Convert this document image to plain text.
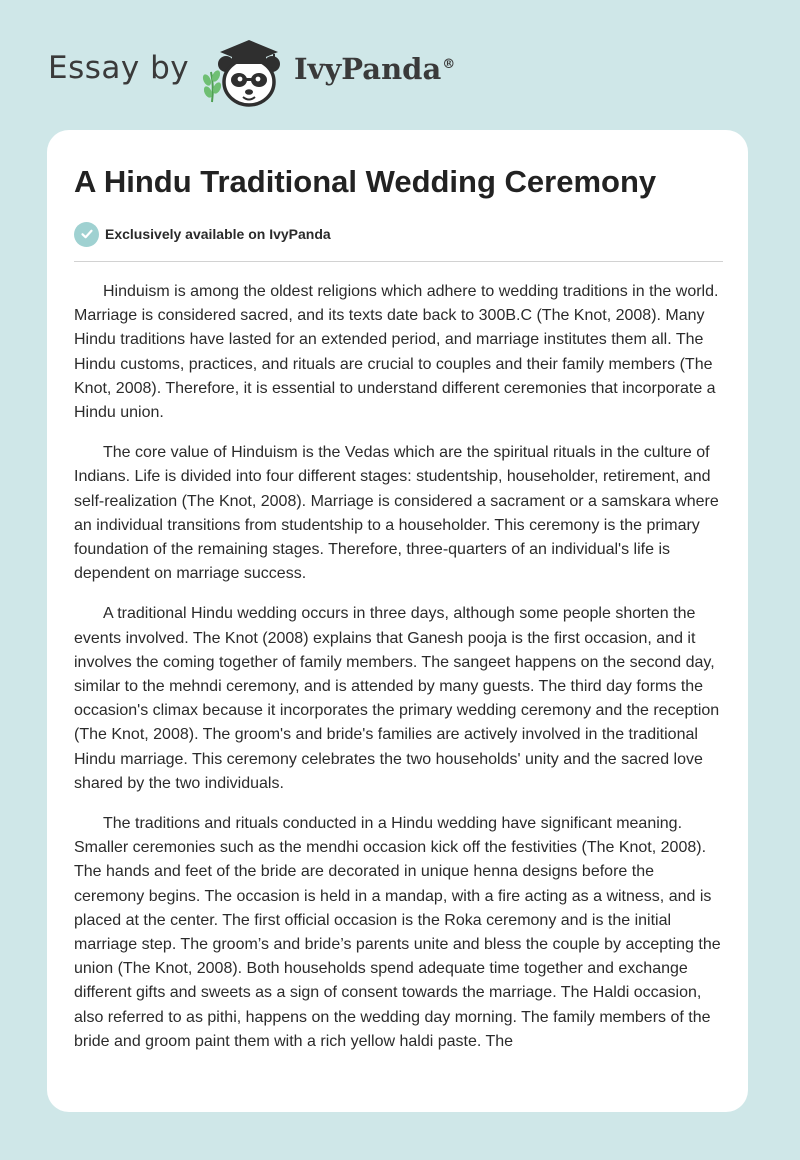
Essay by	IvyPanda®
A Hindu Traditional Wedding Ceremony
Exclusively available on IvyPanda

Hinduism is among the oldest religions which adhere to wedding traditions in the world. Marriage is considered sacred, and its texts date back to 300B.C (The Knot, 2008). Many Hindu traditions have lasted for an extended period, and marriage institutes them all. The Hindu customs, practices, and rituals are crucial to couples and their family members (The Knot, 2008). Therefore, it is essential to understand different ceremonies that incorporate a Hindu union.

The core value of Hinduism is the Vedas which are the spiritual rituals in the culture of Indians. Life is divided into four different stages: studentship, householder, retirement, and self-realization (The Knot, 2008). Marriage is considered a sacrament or a samskara where an individual transitions from studentship to a householder. This ceremony is the primary foundation of the remaining stages. Therefore, three-quarters of an individual's life is dependent on marriage success.

A traditional Hindu wedding occurs in three days, although some people shorten the events involved. The Knot (2008) explains that Ganesh pooja is the first occasion, and it involves the coming together of family members. The sangeet happens on the second day, similar to the mehndi ceremony, and is attended by many guests. The third day forms the occasion's climax because it incorporates the primary wedding ceremony and the reception (The Knot, 2008). The groom's and bride's families are actively involved in the traditional Hindu marriage. This ceremony celebrates the two households' unity and the sacred love shared by the two individuals.

The traditions and rituals conducted in a Hindu wedding have significant meaning. Smaller ceremonies such as the mendhi occasion kick off the festivities (The Knot, 2008). The hands and feet of the bride are decorated in unique henna designs before the ceremony begins. The occasion is held in a mandap, with a fire acting as a witness, and is placed at the center. The first official occasion is the Roka ceremony and is the initial marriage step. The groom’s and bride’s parents unite and bless the couple by accepting the union (The Knot, 2008). Both households spend adequate time together and exchange different gifts and sweets as a sign of consent towards the marriage. The Haldi occasion, also referred to as pithi, happens on the wedding day morning. The family members of the bride and groom paint them with a rich yellow haldi paste. The
